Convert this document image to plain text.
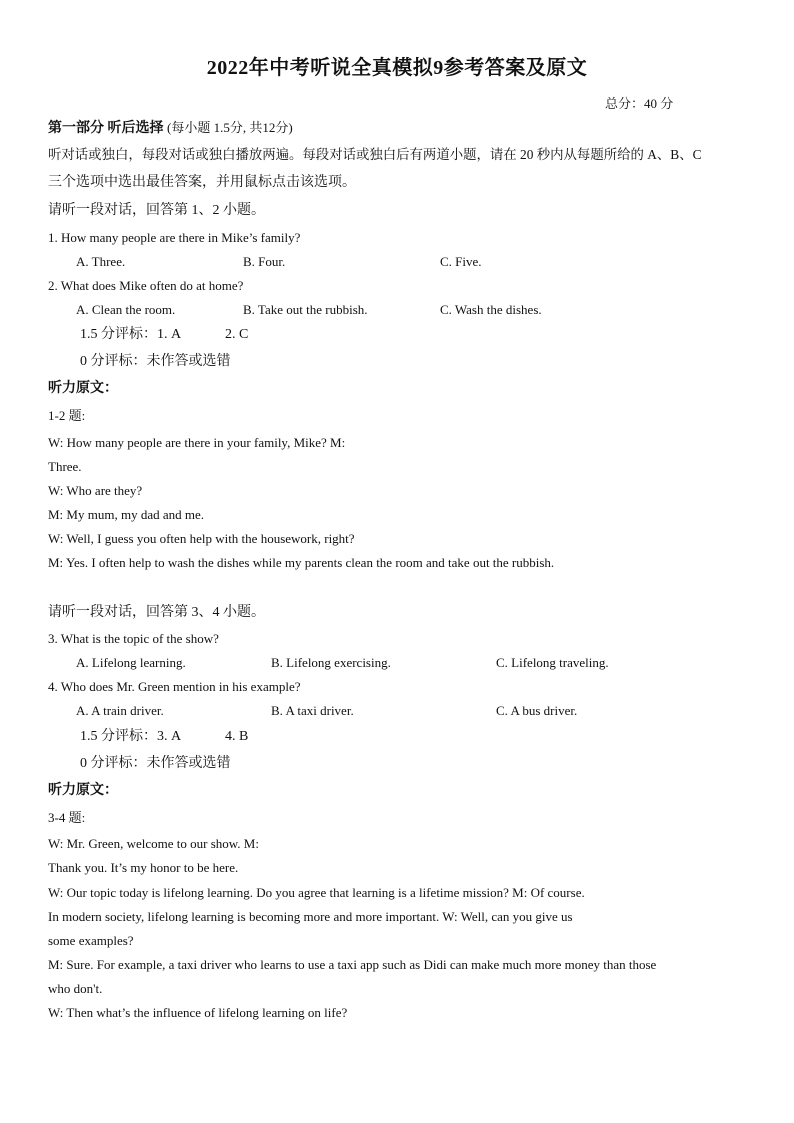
2022年中考听说全真模拟9参考答案及原文
总分：40 分
第一部分 听后选择 (每小题 1.5分, 共12分)
听对话或独白，每段对话或独白播放两遍。每段对话或独白后有两道小题，请在 20 秒内从每题所给的 A、B、C
三个选项中选出最佳答案，并用鼠标点击该选项。
请听一段对话，回答第 1、2 小题。
1. How many people are there in Mike’s family?
A. Three.	B. Four.	C. Five.
2. What does Mike often do at home?
A. Clean the room.	B. Take out the rubbish.	C. Wash the dishes.
1.5 分评标：1. A	2. C
0 分评标：未作答或选错
听力原文：
1-2 题:
W: How many people are there in your family, Mike? M:
Three.
W: Who are they?
M: My mum, my dad and me.
W: Well, I guess you often help with the housework, right?
M: Yes. I often help to wash the dishes while my parents clean the room and take out the rubbish.
请听一段对话，回答第 3、4 小题。
3. What is the topic of the show?
A. Lifelong learning.	B. Lifelong exercising.	C. Lifelong traveling.
4. Who does Mr. Green mention in his example?
A. A train driver.	B. A taxi driver.	C. A bus driver.
1.5 分评标：3. A	4. B
0 分评标：未作答或选错
听力原文：
3-4 题:
W: Mr. Green, welcome to our show. M:
Thank you. It’s my honor to be here.
W: Our topic today is lifelong learning. Do you agree that learning is a lifetime mission? M: Of course.
In modern society, lifelong learning is becoming more and more important. W: Well, can you give us
some examples?
M: Sure. For example, a taxi driver who learns to use a taxi app such as Didi can make much more money than those
who don't.
W: Then what’s the influence of lifelong learning on life?
